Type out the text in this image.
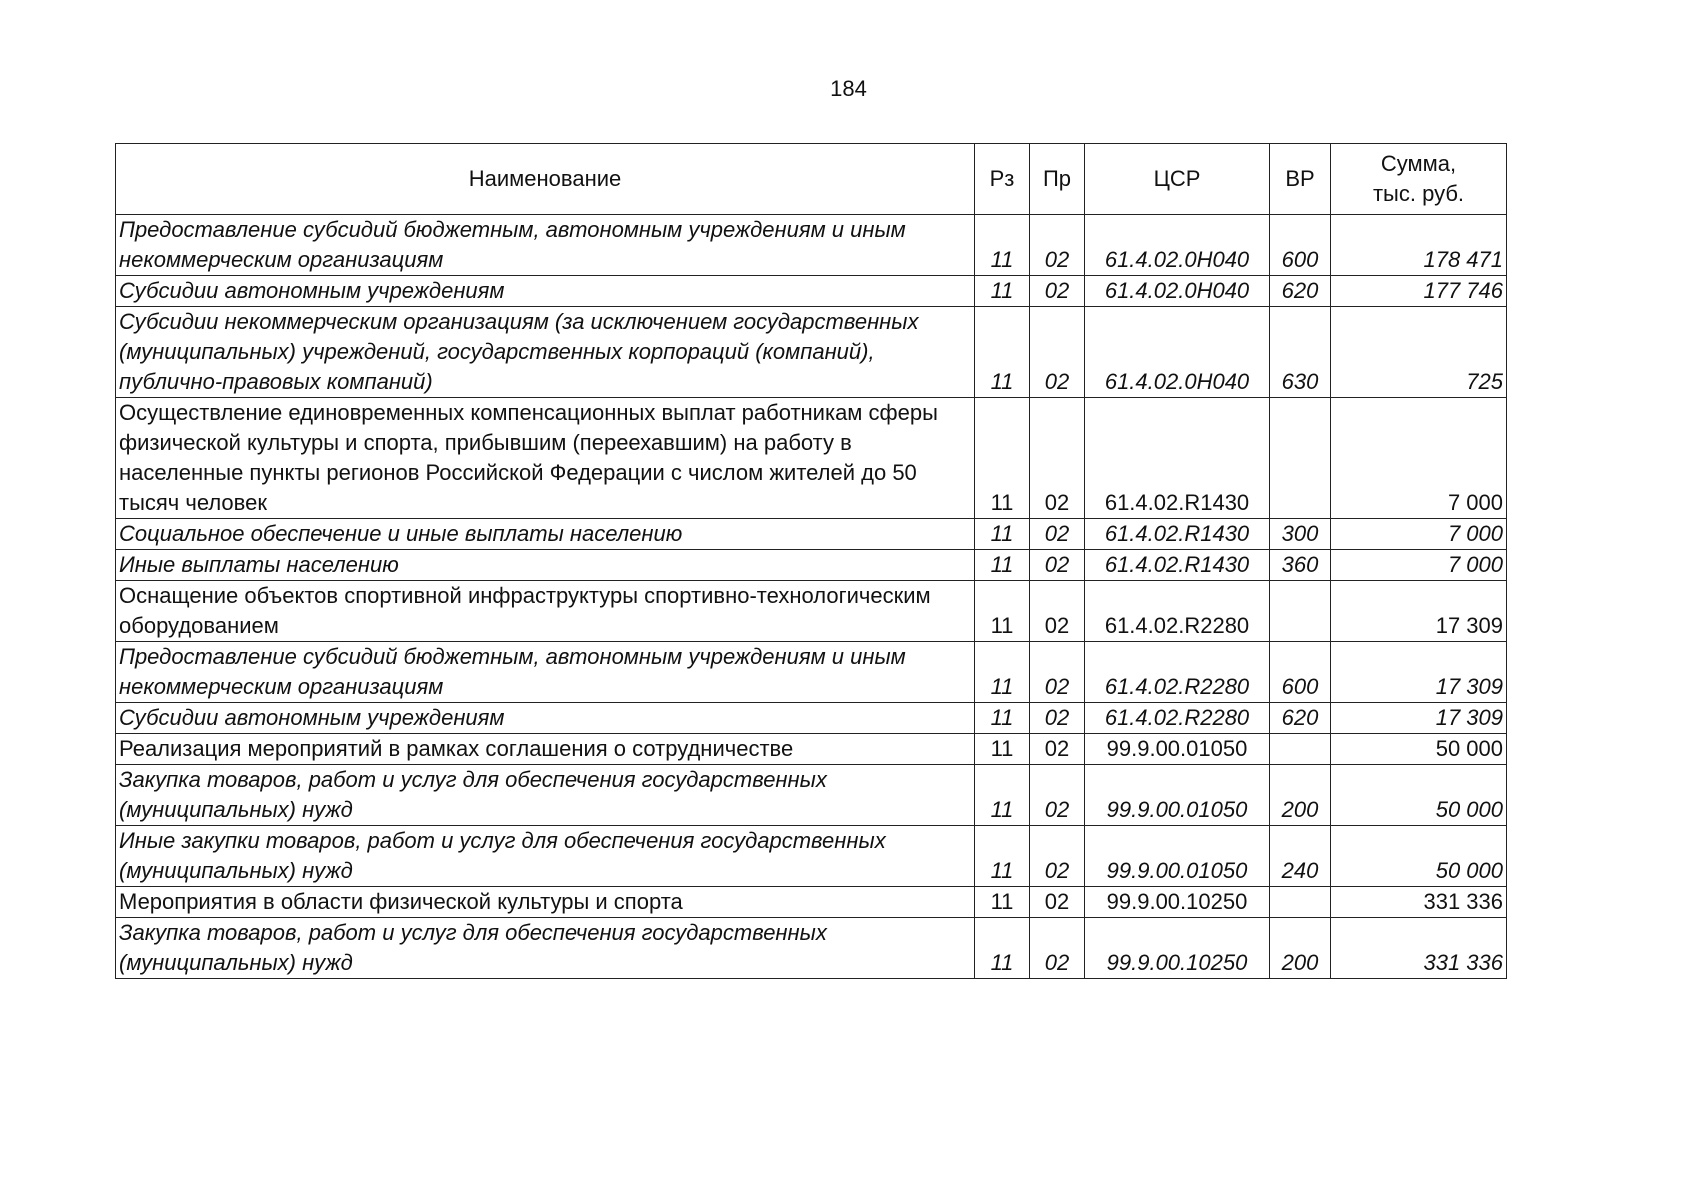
184
Наименование	Рз	Пр	ЦСР	ВР	Сумма,
тыс. руб.

Предоставление субсидий бюджетным, автономным учреждениям и иным некоммерческим организациям	11	02	61.4.02.0Н040	600	178 471
Субсидии автономным учреждениям	11	02	61.4.02.0Н040	620	177 746
Субсидии некоммерческим организациям (за исключением государственных (муниципальных) учреждений, государственных корпораций (компаний), публично-правовых компаний)	11	02	61.4.02.0Н040	630	725
Осуществление единовременных компенсационных выплат работникам сферы физической культуры и спорта, прибывшим (переехавшим) на работу в населенные пункты регионов Российской Федерации с числом жителей до 50 тысяч человек	11	02	61.4.02.R1430		7 000
Социальное обеспечение и иные выплаты населению	11	02	61.4.02.R1430	300	7 000
Иные выплаты населению	11	02	61.4.02.R1430	360	7 000
Оснащение объектов спортивной инфраструктуры спортивно-технологическим оборудованием	11	02	61.4.02.R2280		17 309
Предоставление субсидий бюджетным, автономным учреждениям и иным некоммерческим организациям	11	02	61.4.02.R2280	600	17 309
Субсидии автономным учреждениям	11	02	61.4.02.R2280	620	17 309
Реализация мероприятий в рамках соглашения о сотрудничестве	11	02	99.9.00.01050		50 000
Закупка товаров, работ и услуг для обеспечения государственных (муниципальных) нужд	11	02	99.9.00.01050	200	50 000
Иные закупки товаров, работ и услуг для обеспечения государственных (муниципальных) нужд	11	02	99.9.00.01050	240	50 000
Мероприятия в области физической культуры и спорта	11	02	99.9.00.10250		331 336
Закупка товаров, работ и услуг для обеспечения государственных (муниципальных) нужд	11	02	99.9.00.10250	200	331 336
